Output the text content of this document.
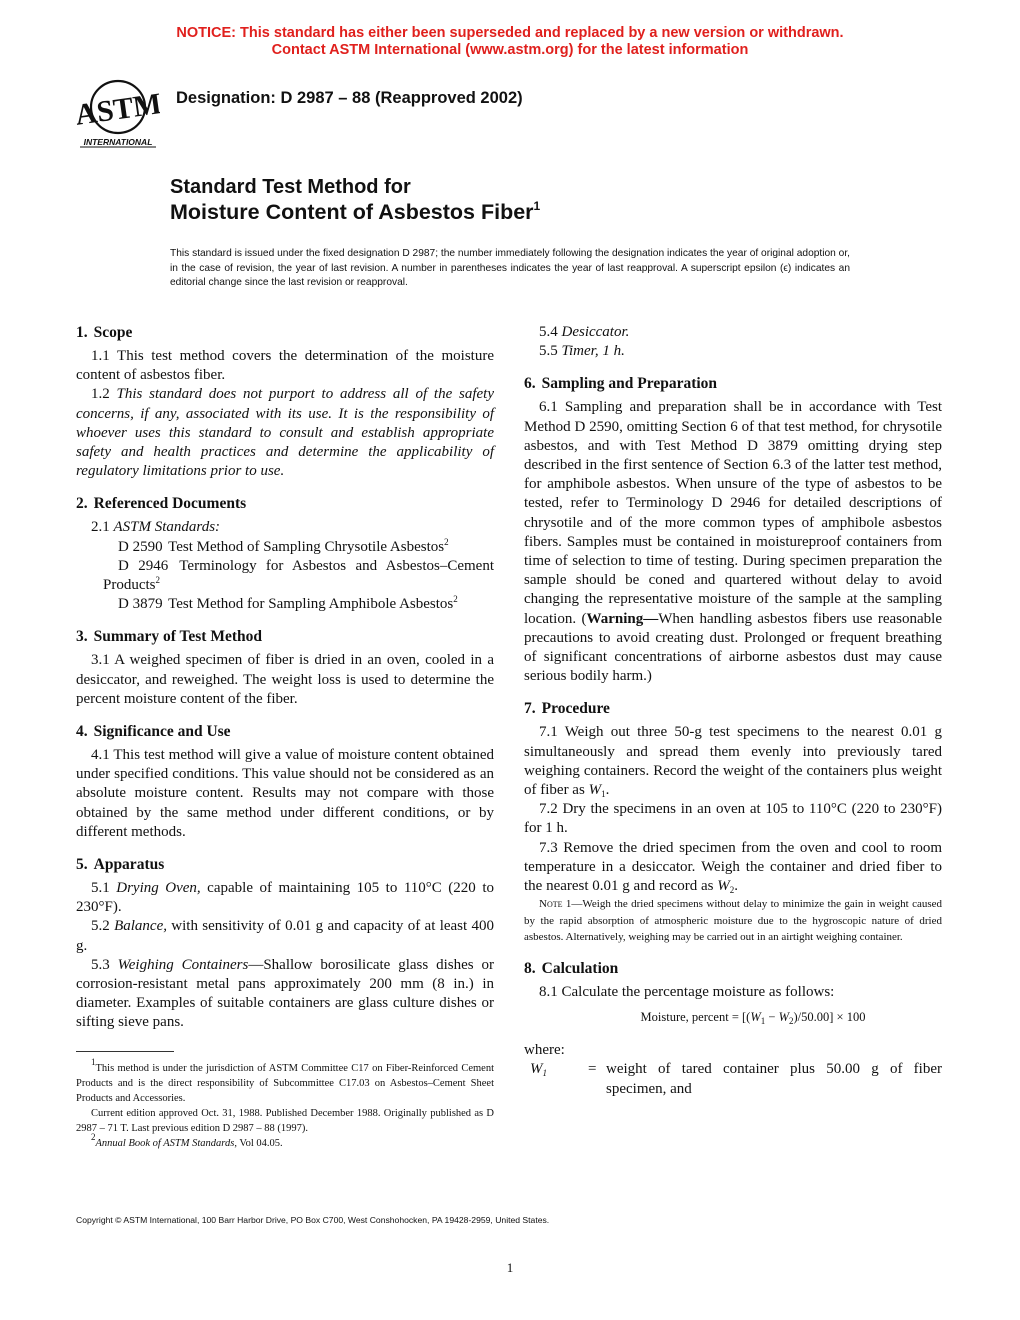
NOTICE: This standard has either been superseded and replaced by a new version or withdrawn.
Contact ASTM International (www.astm.org) for the latest information
ASTM
INTERNATIONAL
Designation: D 2987 – 88 (Reapproved 2002)
Standard Test Method for
Moisture Content of Asbestos Fiber$^1$
This standard is issued under the fixed designation D 2987; the number immediately following the designation indicates the year of original adoption or, in the case of revision, the year of last revision. A number in parentheses indicates the year of last reapproval. A superscript epsilon (ϵ) indicates an editorial change since the last revision or reapproval.
1. Scope

1.1 This test method covers the determination of the moisture content of asbestos fiber.

1.2 This standard does not purport to address all of the safety concerns, if any, associated with its use. It is the responsibility of whoever uses this standard to consult and establish appropriate safety and health practices and determine the applicability of regulatory limitations prior to use.

2. Referenced Documents

2.1 ASTM Standards:

D 2590 Test Method of Sampling Chrysotile Asbestos$^2$

D 2946 Terminology for Asbestos and Asbestos–Cement Products$^2$

D 3879 Test Method for Sampling Amphibole Asbestos$^2$

3. Summary of Test Method

3.1 A weighed specimen of fiber is dried in an oven, cooled in a desiccator, and reweighed. The weight loss is used to determine the percent moisture content of the fiber.

4. Significance and Use

4.1 This test method will give a value of moisture content obtained under specified conditions. This value should not be considered as an absolute moisture content. Results may not compare with those obtained by the same method under different conditions, or by different methods.

5. Apparatus

5.1 Drying Oven, capable of maintaining 105 to 110°C (220 to 230°F).

5.2 Balance, with sensitivity of 0.01 g and capacity of at least 400 g.

5.3 Weighing Containers—Shallow borosilicate glass dishes or corrosion-resistant metal pans approximately 200 mm (8 in.) in diameter. Examples of suitable containers are glass culture dishes or sifting sieve pans.

5.4 Desiccator.

5.5 Timer, 1 h.

6. Sampling and Preparation

6.1 Sampling and preparation shall be in accordance with Test Method D 2590, omitting Section 6 of that test method, for chrysotile asbestos, and with Test Method D 3879 omitting drying step described in the first sentence of Section 6.3 of the latter test method, for amphibole asbestos. When unsure of the type of asbestos to be tested, refer to Terminology D 2946 for detailed descriptions of chrysotile and of the more common types of amphibole asbestos fibers. Samples must be contained in moistureproof containers from time of selection to time of testing. During specimen preparation the sample should be coned and quartered without delay to avoid changing the representative moisture of the sample at the sampling location. (Warning—When handling asbestos fibers use reasonable precautions to avoid creating dust. Prolonged or frequent breathing of significant concentrations of airborne asbestos dust may cause serious bodily harm.)

7. Procedure

7.1 Weigh out three 50-g test specimens to the nearest 0.01 g simultaneously and spread them evenly into previously tared weighing containers. Record the weight of the containers plus weight of fiber as $W_1$.

7.2 Dry the specimens in an oven at 105 to 110°C (220 to 230°F) for 1 h.

7.3 Remove the dried specimen from the oven and cool to room temperature in a desiccator. Weigh the container and dried fiber to the nearest 0.01 g and record as $W_2$.

Note 1—Weigh the dried specimens without delay to minimize the gain in weight caused by the rapid absorption of atmospheric moisture due to the hygroscopic nature of dried asbestos. Alternatively, weighing may be carried out in an airtight weighing container.

8. Calculation

8.1 Calculate the percentage moisture as follows:

Moisture, percent = $[(W_1 - W_2)/50.00] \times 100$

where:

$W_1$	= weight of tared container plus 50.00 g of fiber specimen, and

$^1$This method is under the jurisdiction of ASTM Committee C17 on Fiber-Reinforced Cement Products and is the direct responsibility of Subcommittee C17.03 on Asbestos–Cement Sheet Products and Accessories.

Current edition approved Oct. 31, 1988. Published December 1988. Originally published as D 2987 – 71 T. Last previous edition D 2987 – 88 (1997).

$^2$Annual Book of ASTM Standards, Vol 04.05.

Copyright © ASTM International, 100 Barr Harbor Drive, PO Box C700, West Conshohocken, PA 19428-2959, United States.
1
